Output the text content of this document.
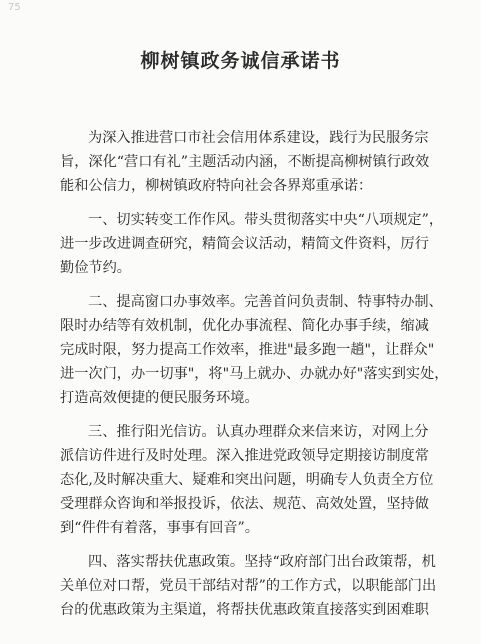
75
柳树镇政务诚信承诺书
为深入推进营口市社会信用体系建设，践行为民服务宗
旨，深化“营口有礼”主题活动内涵，不断提高柳树镇行政效
能和公信力，柳树镇政府特向社会各界郑重承诺：
一、切实转变工作作风。带头贯彻落实中央“八项规定”，
进一步改进调查研究，精简会议活动，精简文件资料，厉行
勤俭节约。
二、提高窗口办事效率。完善首问负责制、特事特办制、
限时办结等有效机制，优化办事流程、简化办事手续，缩减
完成时限，努力提高工作效率，推进"最多跑一趟"，让群众"
进一次门，办一切事"，将"马上就办、办就办好"落实到实处，
打造高效便捷的便民服务环境。
三、推行阳光信访。认真办理群众来信来访，对网上分
派信访件进行及时处理。深入推进党政领导定期接访制度常
态化,及时解决重大、疑难和突出问题，明确专人负责全方位
受理群众咨询和举报投诉，依法、规范、高效处置，坚持做
到“件件有着落，事事有回音”。
四、落实帮扶优惠政策。坚持“政府部门出台政策帮，机
关单位对口帮，党员干部结对帮”的工作方式，以职能部门出
台的优惠政策为主渠道，将帮扶优惠政策直接落实到困难职
